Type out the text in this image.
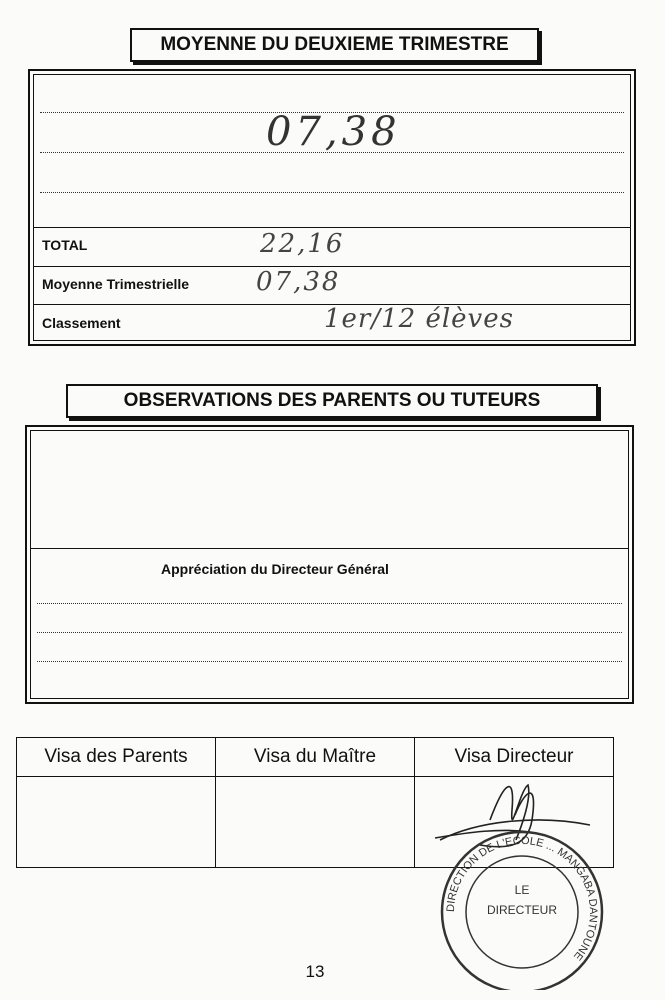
MOYENNE DU DEUXIEME TRIMESTRE
07,38
TOTAL	22,16
Moyenne Trimestrielle	07,38
Classement	1er/12 élèves
OBSERVATIONS DES PARENTS OU TUTEURS
Appréciation du Directeur Général
Visa des Parents	Visa du Maître	Visa Directeur

DIRECTION DE L'ECOLE ... MANGABA DANTOUNE
LE
DIRECTEUR
13
